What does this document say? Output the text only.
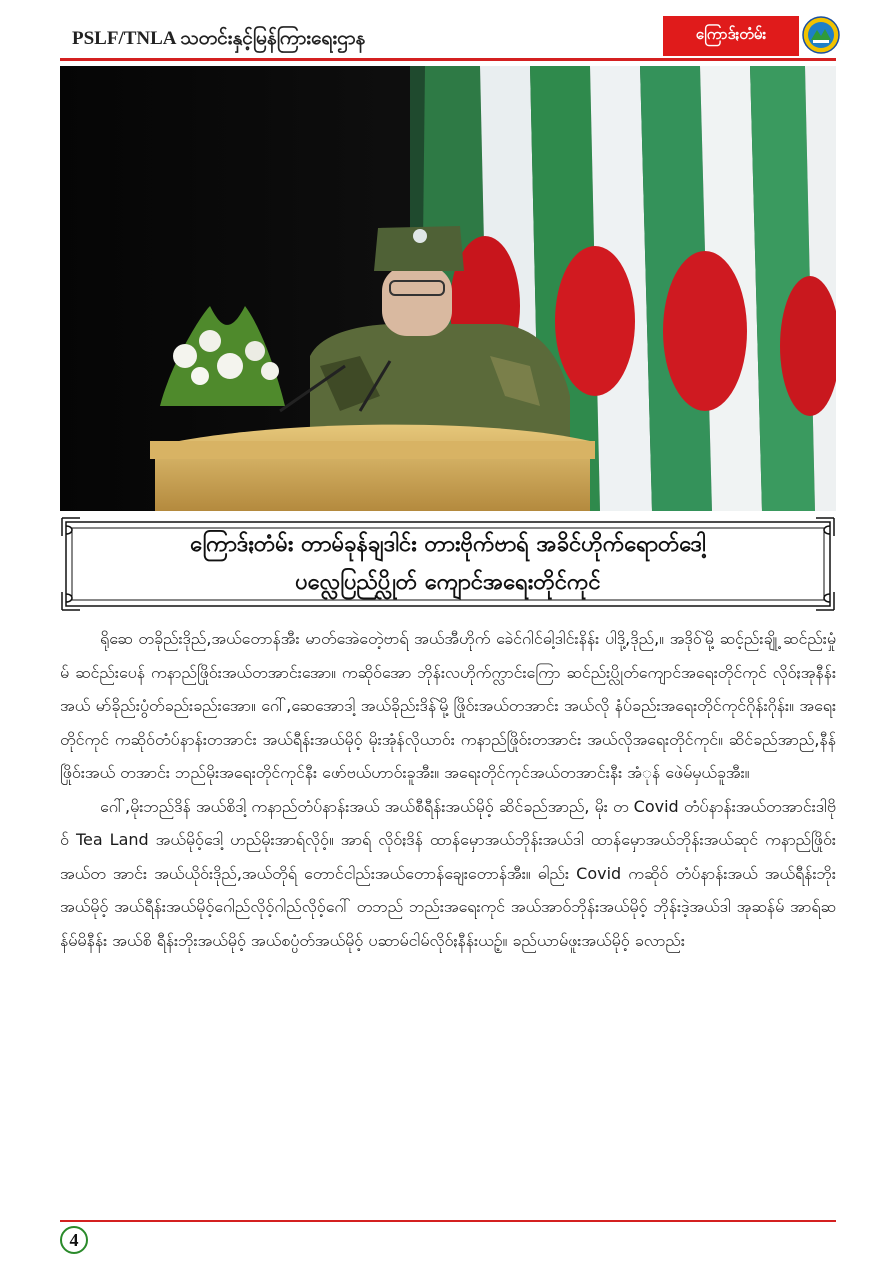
PSLF/TNLA သတင်းနှင့်မြန်ကြားရေးဌာန	ကြောဒ်ႏတံမ်း
ကြောဒ်ႏတံမ်း တာမ်ခုန်ချဒါင်း တားဗိုက်ဗာရ် အခိင်ဟိုက်ရောတ်ဒေါ့
ပလ္လေပြည်ပ္လိုတ် ကျောင်အရေးတိုင်ကုင်

ရိုဆေ တခိုည်းဒိုည်,အယ်တောန်အီး မာတ်အေဲတေဲ့ဗာရ် အယ်အီဟိုက် ခေဲင်ဂါင်ဓါ့ဒါင်းနိန်း ပါဒို့,ဒိုည်,။ အဒိုဝ်မိုဲ့ ဆင့်ည်းချို့ ဆင်ည်းမှုံမ် ဆင်ည်းပေန် ကနာည်ဖြိုဝ်းအယ်တအာင်းအော။ ကဆိုဝ်အော ဘိုန်းလဟိုက်က္လာင်းကြော ဆင်ည်းပ္လိုတ်ကျောင်အရေးတိုင်ကုင် လိုဝ်ႏအုနီန်း အယ် မာ်ခိုည်းပွံတ်ခည်းခည်းအော။ ဂေါ်,ဆေအောဒါ့ အယ်ခိုည်းဒိန်မိုဲ့ ဖြိုဝ်းအယ်တအာင်း အယ်လို နံပ်ခည်းအရေးတိုင်ကုင်ဂိုန်းဂိုန်း။ အရေးတိုင်ကုင် ကဆိုဝ်တံပ်နာန်းတအာင်း အယ်ရီန်းအယ်မိုဝ့် မိုးအုံန်လိုယာဝ်း ကနာည်ဖြိုဝ်းတအာင်း အယ်လိုအရေးတိုင်ကုင်။ ဆိင်ခည်အာည်,နီန် ဖြိုဝ်းအယ် တအာင်း ဘည်မိုးအရေးတိုင်ကုင်နီး ဖော်ဗယ်ဟာဝ်းခူအီး။ အရေးတိုင်ကုင်အယ်တအာင်းနီး အံုန် ဖေဲမ်မှယ်ခူအီး။

ဂေါ်,မိုးဘည်ဒိန် အယ်စိဒါ့ ကနာည်တံပ်နာန်းအယ် အယ်စီရီန်းအယ်မိုဝ့် ဆိင်ခည်အာည်, မိုး တ Covid တံပ်နာန်းအယ်တအာင်းဒါဗိုဝ် Tea Land အယ်မိုဝ့်ဒေါ့ ဟည်မိုးအာရ်လိုဝ့်။ အာရ် လိုဝ်ႏဒိန် ထာန်မှောအယ်ဘိုန်းအယ်ဒါ ထာန်မှောအယ်ဘိုန်းအယ်ဆုင် ကနာည်ဖြိုဝ်းအယ်တ အာင်း အယ်ယိုဝ်းဒိုည်,အယ်တိုရ် တောင်ငါည်းအယ်တောန်ချေးတောန်အီး။ ဓါည်း Covid ကဆိုဝ် တံပ်နာန်းအယ် အယ်ရီန်းဘိုးအယ်မိုဝ့် အယ်ရီန်းအယ်မိုဝ့်ဂေါည်လိုဝ့်ဂါည်လိုဝ့်ဂေါ် တဘည် ဘည်းအရေးကုင် အယ်အာဝ်ဘိုန်းအယ်မိုဝ့် ဘိုန်းဒဲ့အယ်ဒါ အုဆန်မ် အာရ်ဆန်မ်မိနီန်း အယ်စိ ရီန်းဘိုးအယ်မိုဝ့် အယ်စပ္ပံတ်အယ်မိုဝ့် ပဆာမ်ငါမ်လိုဝ်ႏနီန်းယဉ့်။ ခည်ယာမ်ဖူးအယ်မိုဝ့် ခလာည်း

4
